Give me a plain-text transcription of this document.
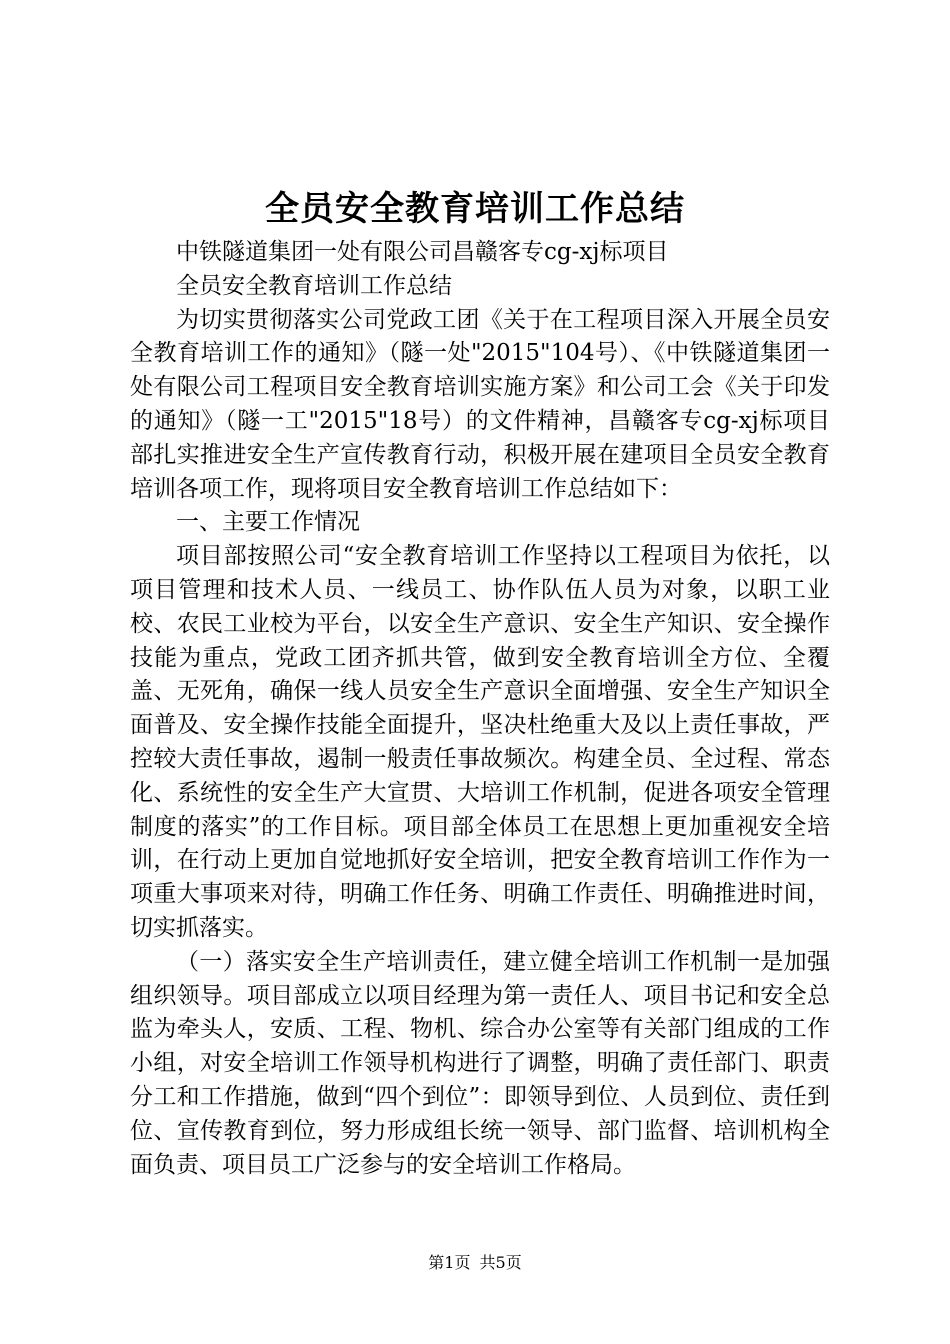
全员安全教育培训工作总结

中铁隧道集团一处有限公司昌赣客专cg-xj标项目

全员安全教育培训工作总结

为切实贯彻落实公司党政工团《关于在工程项目深入开展全员安全教育培训工作的通知》（隧一处"2015"104号）、《中铁隧道集团一处有限公司工程项目安全教育培训实施方案》和公司工会《关于印发的通知》（隧一工"2015"18号）的文件精神，昌赣客专cg-xj标项目部扎实推进安全生产宣传教育行动，积极开展在建项目全员安全教育培训各项工作，现将项目安全教育培训工作总结如下：

一、主要工作情况

项目部按照公司“安全教育培训工作坚持以工程项目为依托，以项目管理和技术人员、一线员工、协作队伍人员为对象，以职工业校、农民工业校为平台，以安全生产意识、安全生产知识、安全操作技能为重点，党政工团齐抓共管，做到安全教育培训全方位、全覆盖、无死角，确保一线人员安全生产意识全面增强、安全生产知识全面普及、安全操作技能全面提升，坚决杜绝重大及以上责任事故，严控较大责任事故，遏制一般责任事故频次。构建全员、全过程、常态化、系统性的安全生产大宣贯、大培训工作机制，促进各项安全管理制度的落实”的工作目标。项目部全体员工在思想上更加重视安全培训，在行动上更加自觉地抓好安全培训，把安全教育培训工作作为一项重大事项来对待，明确工作任务、明确工作责任、明确推进时间，切实抓落实。

（一）落实安全生产培训责任，建立健全培训工作机制一是加强组织领导。项目部成立以项目经理为第一责任人、项目书记和安全总监为牵头人，安质、工程、物机、综合办公室等有关部门组成的工作小组，对安全培训工作领导机构进行了调整，明确了责任部门、职责分工和工作措施，做到“四个到位”：即领导到位、人员到位、责任到位、宣传教育到位，努力形成组长统一领导、部门监督、培训机构全面负责、项目员工广泛参与的安全培训工作格局。

第1页 共5页
